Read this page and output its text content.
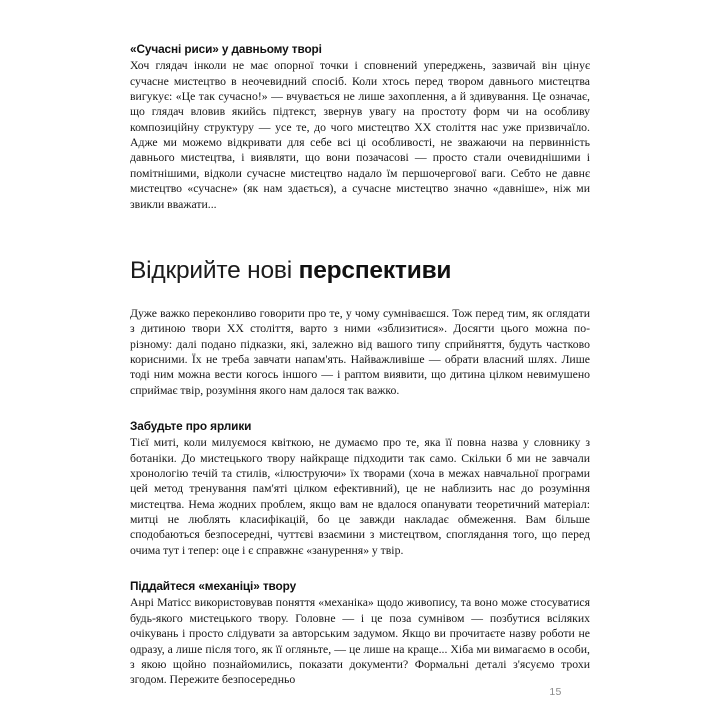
«Сучасні риси» у давньому творі

Хоч глядач інколи не має опорної точки і сповнений упереджень, зазвичай він цінує сучасне мистецтво в неочевидний спосіб. Коли хтось перед твором давнього мистецтва вигукує: «Це так сучасно!» — вчувається не лише захоплення, а й здивування. Це означає, що глядач вловив якийсь підтекст, звернув увагу на простоту форм чи на особливу композиційну структуру — усе те, до чого мистецтво XX століття нас уже призвичаїло. Адже ми можемо відкривати для себе всі ці особливості, не зважаючи на первинність давнього мистецтва, і виявляти, що вони позачасові — просто стали очевиднішими і помітнішими, відколи сучасне мистецтво надало їм першочергової ваги. Себто не давнє мистецтво «сучасне» (як нам здається), а сучасне мистецтво значно «давніше», ніж ми звикли вважати...

Відкрийте нові перспективи

Дуже важко переконливо говорити про те, у чому сумніваєшся. Тож перед тим, як оглядати з дитиною твори XX століття, варто з ними «зблизитися». Досягти цього можна по-різному: далі подано підказки, які, залежно від вашого типу сприйняття, будуть частково корисними. Їх не треба завчати напам'ять. Найважливіше — обрати власний шлях. Лише тоді ним можна вести когось іншого — і раптом виявити, що дитина цілком невимушено сприймає твір, розуміння якого нам далося так важко.

Забудьте про ярлики

Тієї миті, коли милуємося квіткою, не думаємо про те, яка її повна назва у словнику з ботаніки. До мистецького твору найкраще підходити так само. Скільки б ми не завчали хронологію течій та стилів, «ілюструючи» їх творами (хоча в межах навчальної програми цей метод тренування пам'яті цілком ефективний), це не наблизить нас до розуміння мистецтва. Нема жодних проблем, якщо вам не вдалося опанувати теоретичний матеріал: митці не люблять класифікацій, бо це завжди накладає обмеження. Вам більше сподобаються безпосередні, чуттєві взаємини з мистецтвом, споглядання того, що перед очима тут і тепер: оце і є справжнє «занурення» у твір.

Піддайтеся «механіці» твору

Анрі Матісс використовував поняття «механіка» щодо живопису, та воно може стосуватися будь-якого мистецького твору. Головне — і це поза сумнівом — позбутися всіляких очікувань і просто слідувати за авторським задумом. Якщо ви прочитаєте назву роботи не одразу, а лише після того, як її огляньте, — це лише на краще... Хіба ми вимагаємо в особи, з якою щойно познайомились, показати документи? Формальні деталі з'ясуємо трохи згодом. Пережите безпосередньо

15
